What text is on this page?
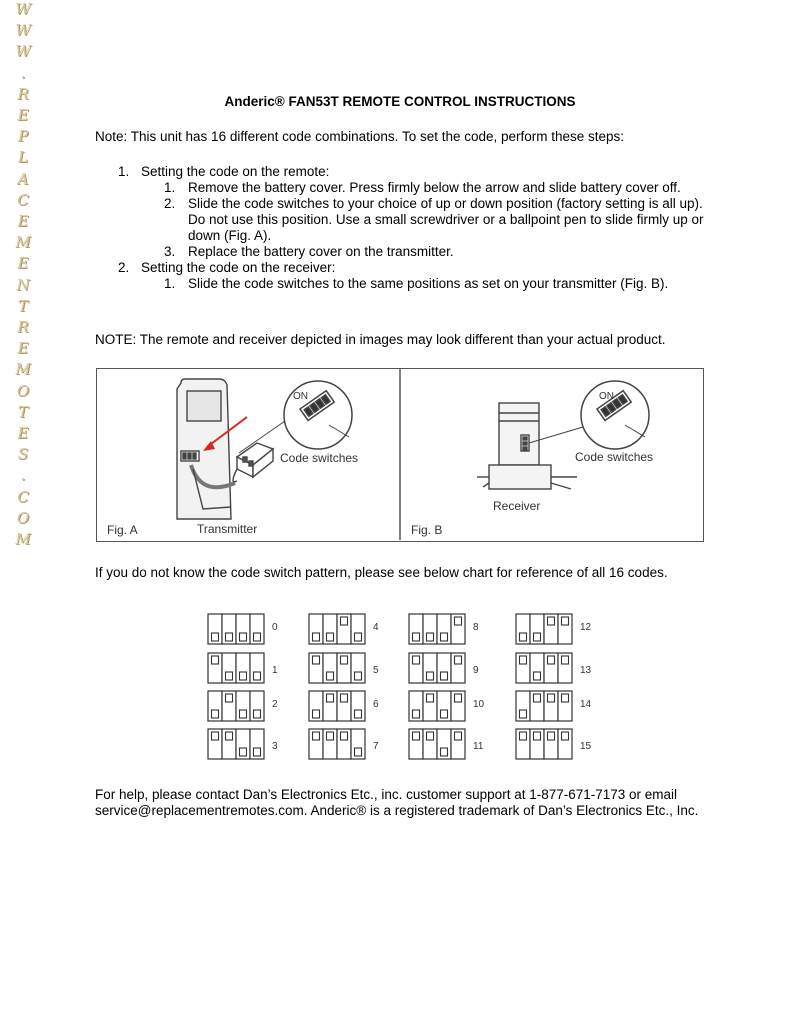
W
W
W
.
R
E
P
L
A
C
E
M
E
N
T
R
E
M
O
T
E
S
.
C
O
M
Anderic® FAN53T REMOTE CONTROL INSTRUCTIONS
Note: This unit has 16 different code combinations. To set the code, perform these steps:
1. Setting the code on the remote:
1. Remove the battery cover. Press firmly below the arrow and slide battery cover off.
2. Slide the code switches to your choice of up or down position (factory setting is all up). Do not use this position. Use a small screwdriver or a ballpoint pen to slide firmly up or down (Fig. A).
3. Replace the battery cover on the transmitter.
2. Setting the code on the receiver:
1. Slide the code switches to the same positions as set on your transmitter (Fig. B).
NOTE: The remote and receiver depicted in images may look different than your actual product.
ON
Code switches
Fig. A	Transmitter
ON
Code switches
Fig. B
Receiver
If you do not know the code switch pattern, please see below chart for reference of all 16 codes.
0
1
2
3
4
5
6
7
8
9
10
11
12
13
14
15
For help, please contact Dan’s Electronics Etc., inc. customer support at 1-877-671-7173 or email service@replacementremotes.com. Anderic® is a registered trademark of Dan’s Electronics Etc., Inc.
